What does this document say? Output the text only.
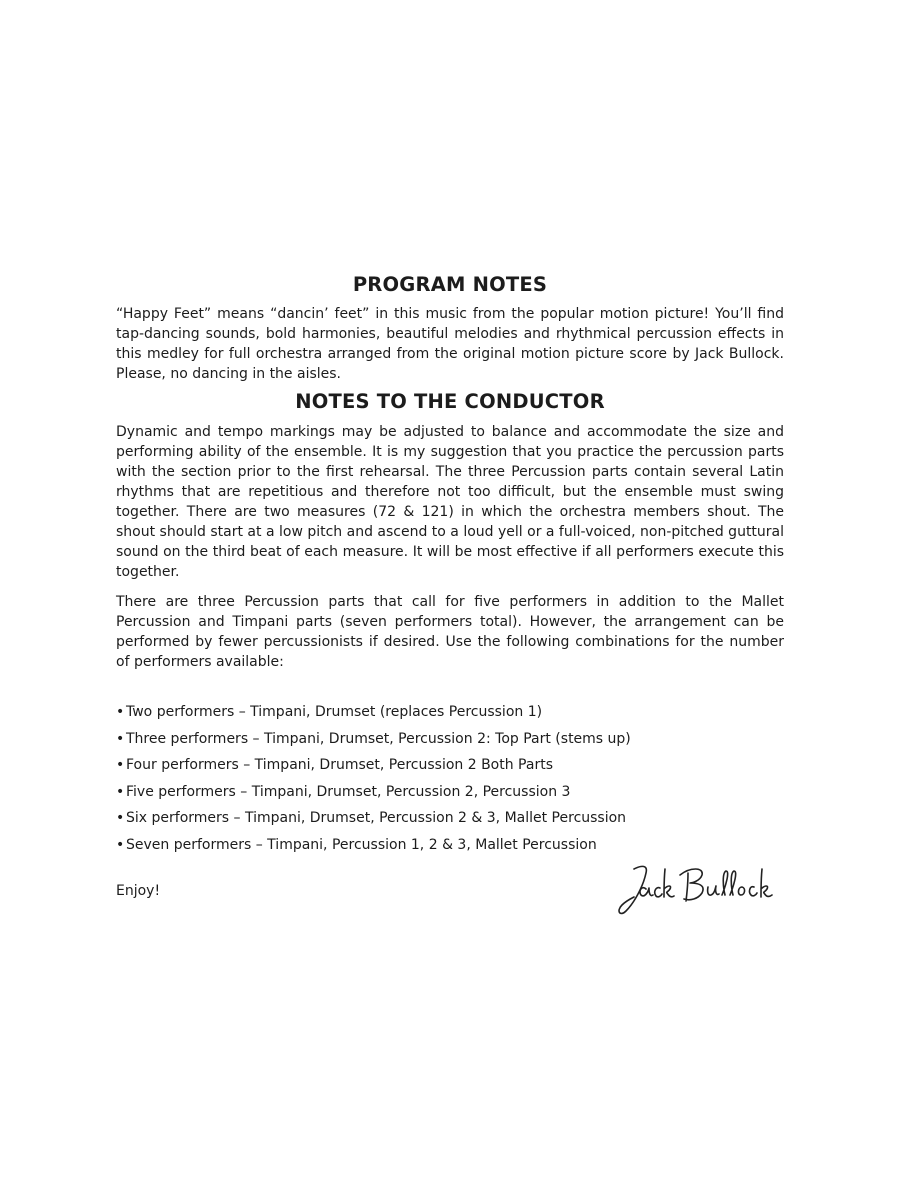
PROGRAM NOTES

“Happy Feet” means “dancin’ feet” in this music from the popular motion picture! You’ll find tap-dancing sounds, bold harmonies, beautiful melodies and rhythmical percussion effects in this medley for full orchestra arranged from the original motion picture score by Jack Bullock. Please, no dancing in the aisles.

NOTES TO THE CONDUCTOR

Dynamic and tempo markings may be adjusted to balance and accommodate the size and performing ability of the ensemble. It is my suggestion that you practice the percussion parts with the section prior to the first rehearsal. The three Percussion parts contain several Latin rhythms that are repetitious and therefore not too difficult, but the ensemble must swing together. There are two measures (72 & 121) in which the orchestra members shout. The shout should start at a low pitch and ascend to a loud yell or a full-voiced, non-pitched guttural sound on the third beat of each measure. It will be most effective if all performers execute this together.

There are three Percussion parts that call for five performers in addition to the Mallet Percussion and Timpani parts (seven performers total). However, the arrangement can be performed by fewer percussionists if desired. Use the following combinations for the number of performers available:

• Two performers – Timpani, Drumset (replaces Percussion 1)
• Three performers – Timpani, Drumset, Percussion 2: Top Part (stems up)
• Four performers – Timpani, Drumset, Percussion 2 Both Parts
• Five performers – Timpani, Drumset, Percussion 2, Percussion 3
• Six performers – Timpani, Drumset, Percussion 2 & 3, Mallet Percussion
• Seven performers – Timpani, Percussion 1, 2 & 3, Mallet Percussion
Enjoy!
